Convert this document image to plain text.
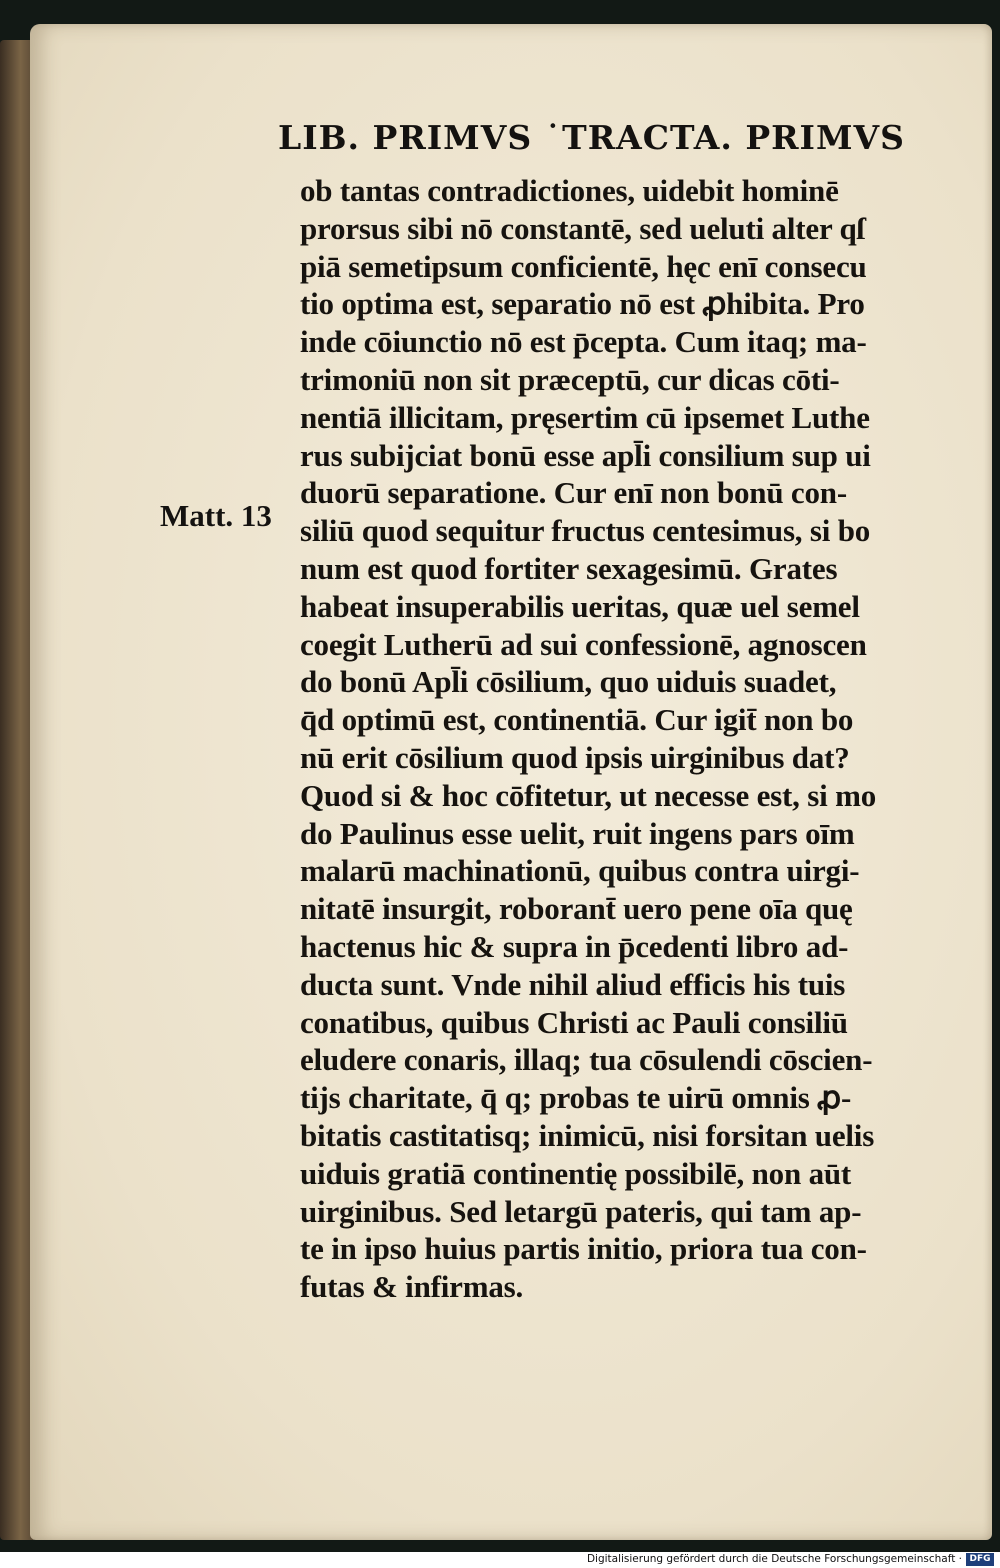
LIB. PRIMVS ˙TRACTA. PRIMVS
Matt. 13
ob tantas contradictiones, uidebit hominē
prorsus sibi nō constantē, sed ueluti alter qſ
piā semetipsum conficientē, hęc enī consecu
tio optima est, separatio nō est ꝓhibita. Pro
inde cōiunctio nō est p̄cepta. Cum itaq; ma-
trimoniū non sit præceptū, cur dicas cōti-
nentiā illicitam, pręsertim cū ipsemet Luthe
rus subijciat bonū esse apl̄i consilium sup ui
duorū separatione. Cur enī non bonū con-
siliū quod sequitur fructus centesimus, si bo
num est quod fortiter sexagesimū. Grates
habeat insuperabilis ueritas, quæ uel semel
coegit Lutherū ad sui confessionē, agnoscen
do bonū Apl̄i cōsilium, quo uiduis suadet,
q̄d optimū est, continentiā. Cur igit̄ non bo
nū erit cōsilium quod ipsis uirginibus dat?
Quod si & hoc cōfitetur, ut necesse est, si mo
do Paulinus esse uelit, ruit ingens pars oīm
malarū machinationū, quibus contra uirgi-
nitatē insurgit, roborant̄ uero pene oīa quę
hactenus hic & supra in p̄cedenti libro ad-
ducta sunt. Vnde nihil aliud efficis his tuis
conatibus, quibus Christi ac Pauli consiliū
eludere conaris, illaq; tua cōsulendi cōscien-
tijs charitate, q̄ q; probas te uirū omnis ꝓ-
bitatis castitatisq; inimicū, nisi forsitan uelis
uiduis gratiā continentię possibilē, non aūt
uirginibus. Sed letargū pateris, qui tam ap-
te in ipso huius partis initio, priora tua con-
futas & infirmas.
Digitalisierung gefördert durch die Deutsche Forschungsgemeinschaft · DFG
